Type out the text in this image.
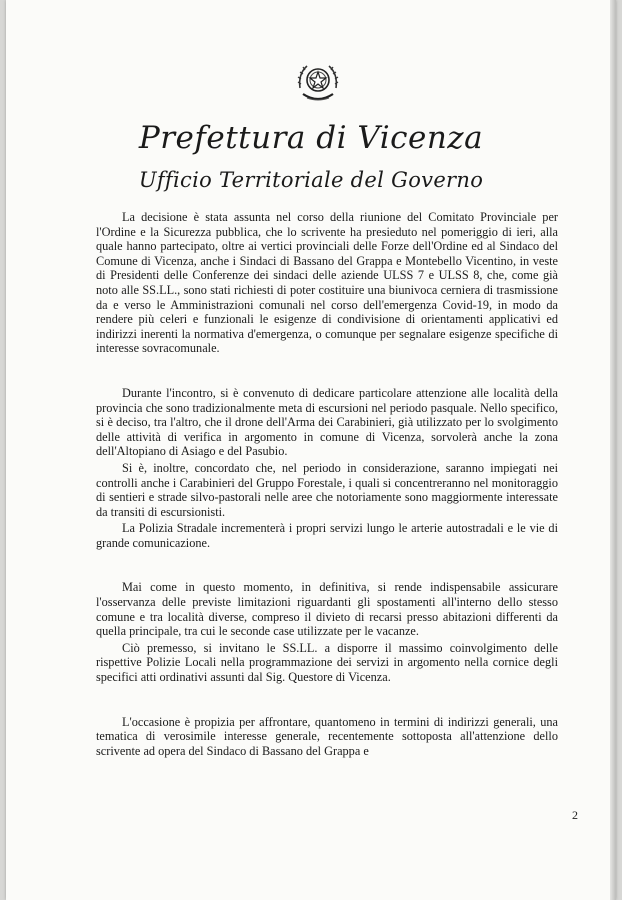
Prefettura di Vicenza
Ufficio Territoriale del Governo

La decisione è stata assunta nel corso della riunione del Comitato Provinciale per l'Ordine e la Sicurezza pubblica, che lo scrivente ha presieduto nel pomeriggio di ieri, alla quale hanno partecipato, oltre ai vertici provinciali delle Forze dell'Ordine ed al Sindaco del Comune di Vicenza, anche i Sindaci di Bassano del Grappa e Montebello Vicentino, in veste di Presidenti delle Conferenze dei sindaci delle aziende ULSS 7 e ULSS 8, che, come già noto alle SS.LL., sono stati richiesti di poter costituire una biunivoca cerniera di trasmissione da e verso le Amministrazioni comunali nel corso dell'emergenza Covid-19, in modo da rendere più celeri e funzionali le esigenze di condivisione di orientamenti applicativi ed indirizzi inerenti la normativa d'emergenza, o comunque per segnalare esigenze specifiche di interesse sovracomunale.

Durante l'incontro, si è convenuto di dedicare particolare attenzione alle località della provincia che sono tradizionalmente meta di escursioni nel periodo pasquale. Nello specifico, si è deciso, tra l'altro, che il drone dell'Arma dei Carabinieri, già utilizzato per lo svolgimento delle attività di verifica in argomento in comune di Vicenza, sorvolerà anche la zona dell'Altopiano di Asiago e del Pasubio.

Si è, inoltre, concordato che, nel periodo in considerazione, saranno impiegati nei controlli anche i Carabinieri del Gruppo Forestale, i quali si concentreranno nel monitoraggio di sentieri e strade silvo-pastorali nelle aree che notoriamente sono maggiormente interessate da transiti di escursionisti.

La Polizia Stradale incrementerà i propri servizi lungo le arterie autostradali e le vie di grande comunicazione.

Mai come in questo momento, in definitiva, si rende indispensabile assicurare l'osservanza delle previste limitazioni riguardanti gli spostamenti all'interno dello stesso comune e tra località diverse, compreso il divieto di recarsi presso abitazioni differenti da quella principale, tra cui le seconde case utilizzate per le vacanze.

Ciò premesso, si invitano le SS.LL. a disporre il massimo coinvolgimento delle rispettive Polizie Locali nella programmazione dei servizi in argomento nella cornice degli specifici atti ordinativi assunti dal Sig. Questore di Vicenza.

L'occasione è propizia per affrontare, quantomeno in termini di indirizzi generali, una tematica di verosimile interesse generale, recentemente sottoposta all'attenzione dello scrivente ad opera del Sindaco di Bassano del Grappa e

2
